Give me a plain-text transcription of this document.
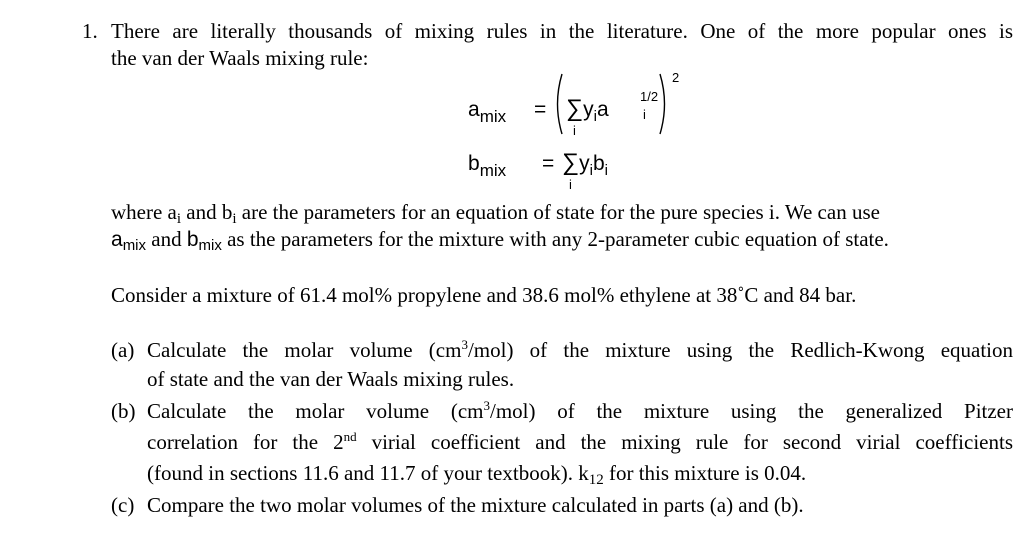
1. There are literally thousands of mixing rules in the literature. One of the more popular ones is
the van der Waals mixing rule:
$a_{mix} = \sum y_ia$	i
1/2
i
2
$b_{mix} = \sum y_ib_i$
i
where ai and bi are the parameters for an equation of state for the pure species i. We can use
amix and bmix as the parameters for the mixture with any 2-parameter cubic equation of state.
Consider a mixture of 61.4 mol% propylene and 38.6 mol% ethylene at 38˚C and 84 bar.
(a) Calculate the molar volume $(cm^3/mol)$ of the mixture using the Redlich-Kwong equation
of state and the van der Waals mixing rules.
(b) Calculate the molar volume $(cm^3/mol)$ of the mixture using the generalized Pitzer
correlation for the 2nd virial coefficient and the mixing rule for second virial coefficients
(found in sections 11.6 and 11.7 of your textbook). k12 for this mixture is 0.04.
(c) Compare the two molar volumes of the mixture calculated in parts (a) and (b).
